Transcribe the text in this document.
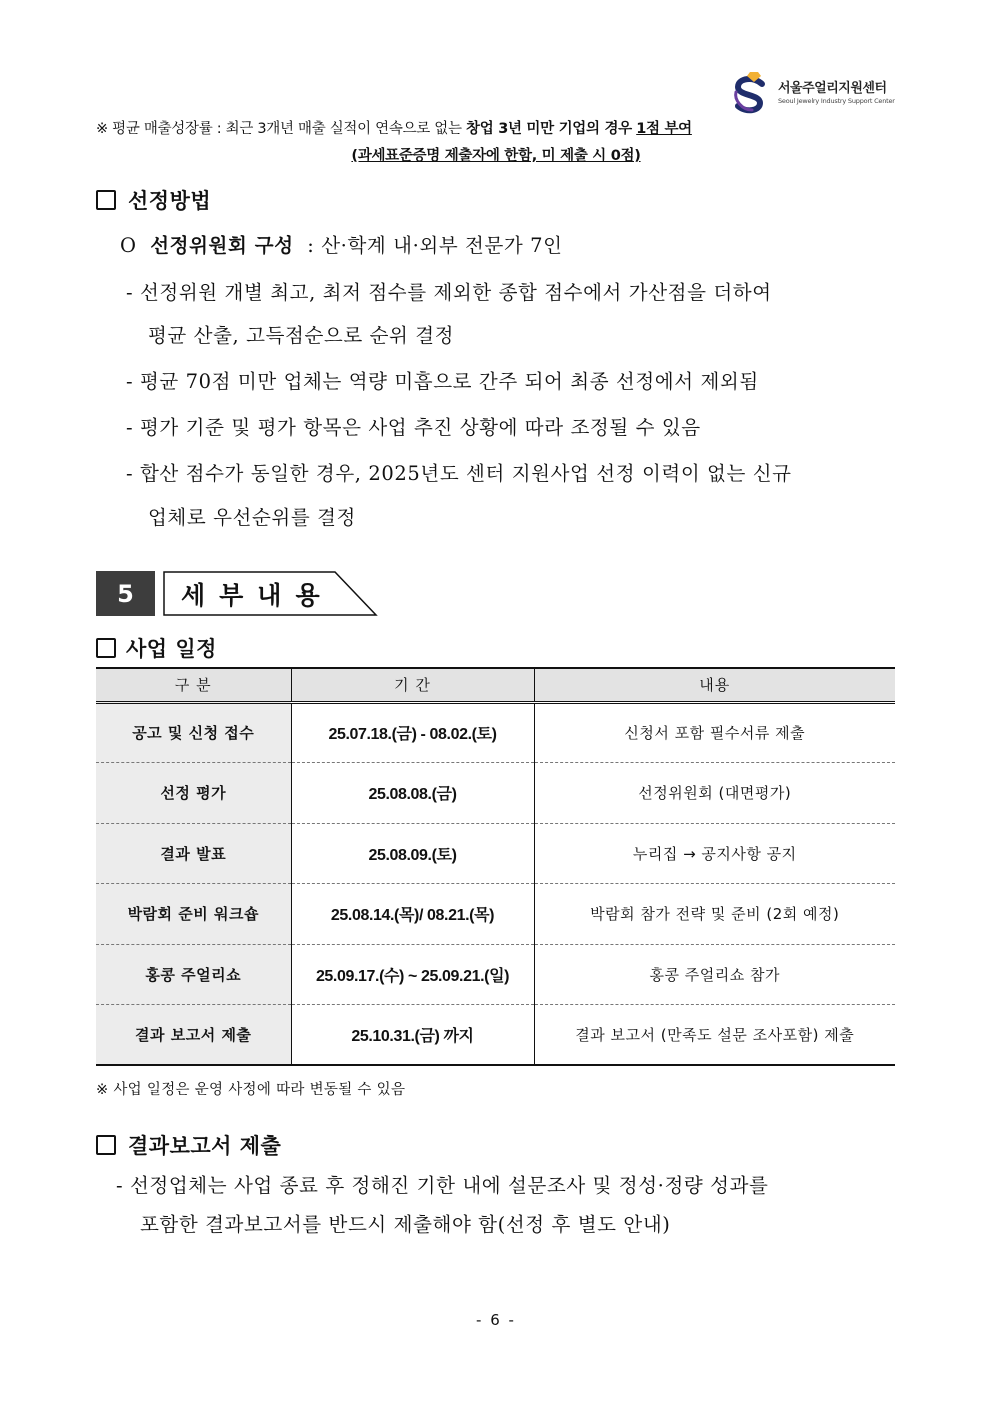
서울주얼리지원센터
Seoul Jewelry Industry Support Center
※ 평균 매출성장률 : 최근 3개년 매출 실적이 연속으로 없는 창업 3년 미만 기업의 경우 1점 부여
(과세표준증명 제출자에 한함, 미 제출 시 0점)
선정방법
O 선정위원회 구성 : 산·학계 내·외부 전문가 7인
- 선정위원 개별 최고, 최저 점수를 제외한 종합 점수에서 가산점을 더하여
평균 산출, 고득점순으로 순위 결정
- 평균 70점 미만 업체는 역량 미흡으로 간주 되어 최종 선정에서 제외됨
- 평가 기준 및 평가 항목은 사업 추진 상황에 따라 조정될 수 있음
- 합산 점수가 동일한 경우, 2025년도 센터 지원사업 선정 이력이 없는 신규
업체로 우선순위를 결정
5	세부내용
사업 일정
구 분	기 간	내용
공고 및 신청 접수	25.07.18.(금) - 08.02.(토)	신청서 포함 필수서류 제출
선정 평가	25.08.08.(금)	선정위원회 (대면평가)
결과 발표	25.08.09.(토)	누리집 → 공지사항 공지
박람회 준비 워크숍	25.08.14.(목)/ 08.21.(목)	박람회 참가 전략 및 준비 (2회 예정)
홍콩 주얼리쇼	25.09.17.(수) ~ 25.09.21.(일)	홍콩 주얼리쇼 참가
결과 보고서 제출	25.10.31.(금) 까지	결과 보고서 (만족도 설문 조사포함) 제출
※ 사업 일정은 운영 사정에 따라 변동될 수 있음
결과보고서 제출
- 선정업체는 사업 종료 후 정해진 기한 내에 설문조사 및 정성·정량 성과를
포함한 결과보고서를 반드시 제출해야 함(선정 후 별도 안내)
- 6 -
